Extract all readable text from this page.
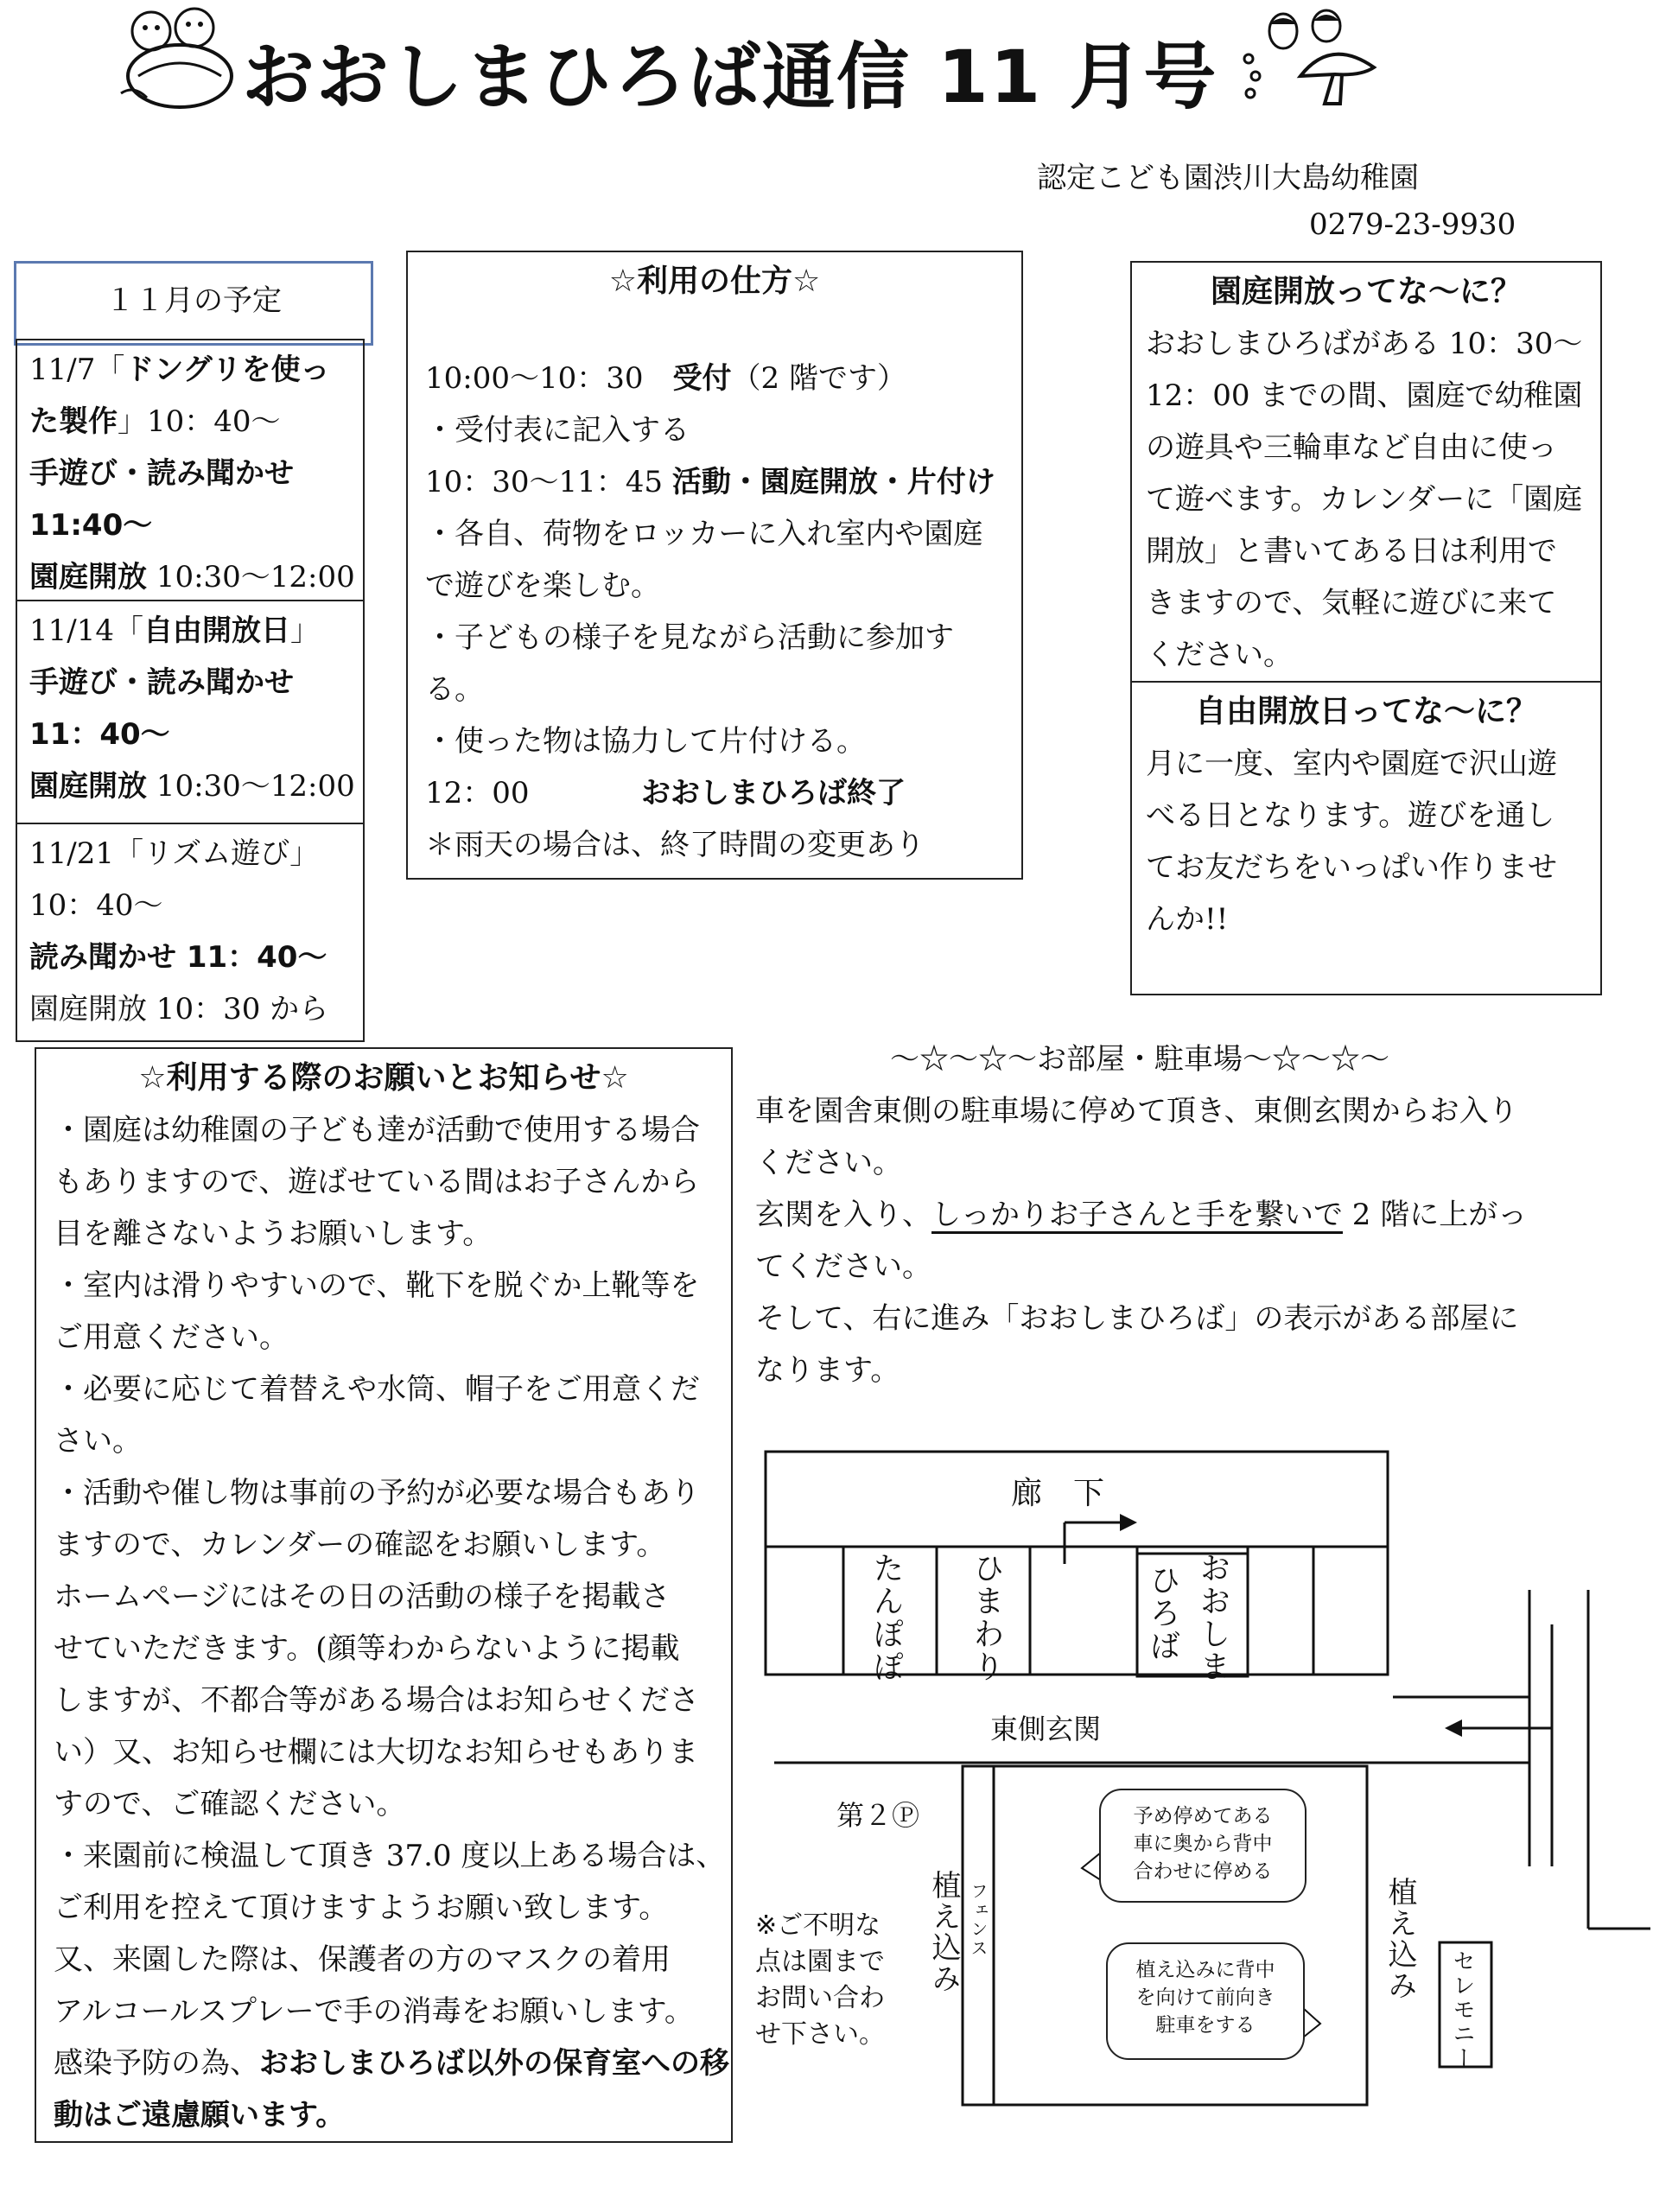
おおしまひろば通信 11 月号
認定こども園渋川大島幼稚園
0279-23-9930
１１月の予定
11/7「ドングリを使っ
た製作」10：40～
手遊び・読み聞かせ
11:40～
園庭開放 10:30～12:00
11/14「自由開放日」
手遊び・読み聞かせ
11：40～
園庭開放 10:30～12:00
11/21「リズム遊び」
10：40～
読み聞かせ 11：40～
園庭開放 10：30 から
☆利用の仕方☆
10:00～10：30　受付（2 階です）
・受付表に記入する
10：30～11：45 活動・園庭開放・片付け
・各自、荷物をロッカーに入れ室内や園庭
で遊びを楽しむ。
・子どもの様子を見ながら活動に参加す
る。
・使った物は協力して片付ける。
12：00	おおしまひろば終了
＊雨天の場合は、終了時間の変更あり
園庭開放ってな～に？
おおしまひろばがある 10：30～
12：00 までの間、園庭で幼稚園
の遊具や三輪車など自由に使っ
て遊べます。カレンダーに「園庭
開放」と書いてある日は利用で
きますので、気軽に遊びに来て
ください。
自由開放日ってな～に？
月に一度、室内や園庭で沢山遊
べる日となります。遊びを通し
てお友だちをいっぱい作りませ
んか!!
☆利用する際のお願いとお知らせ☆
・園庭は幼稚園の子ども達が活動で使用する場合
もありますので、遊ばせている間はお子さんから
目を離さないようお願いします。
・室内は滑りやすいので、靴下を脱ぐか上靴等を
ご用意ください。
・必要に応じて着替えや水筒、帽子をご用意くだ
さい。
・活動や催し物は事前の予約が必要な場合もあり
ますので、カレンダーの確認をお願いします。
ホームページにはその日の活動の様子を掲載さ
せていただきます。(顔等わからないように掲載
しますが、不都合等がある場合はお知らせくださ
い）又、お知らせ欄には大切なお知らせもありま
すので、ご確認ください。
・来園前に検温して頂き 37.0 度以上ある場合は、
ご利用を控えて頂けますようお願い致します。
又、来園した際は、保護者の方のマスクの着用
アルコールスプレーで手の消毒をお願いします。
感染予防の為、おおしまひろば以外の保育室への移
動はご遠慮願います。
～☆～☆～お部屋・駐車場～☆～☆～
車を園舎東側の駐車場に停めて頂き、東側玄関からお入り
ください。
玄関を入り、しっかりお子さんと手を繋いで 2 階に上がっ
てください。
そして、右に進み「おおしまひろば」の表示がある部屋に
なります。
廊　下
たんぽぽ ひまわり	おおしま
ひろば
東側玄関
第２Ⓟ
植え込み フェンス	植え込み
セレモニー
予め停めてある
車に奥から背中
合わせに停める
植え込みに背中
を向けて前向き
駐車をする
※ご不明な
点は園まで
お問い合わ
せ下さい。
